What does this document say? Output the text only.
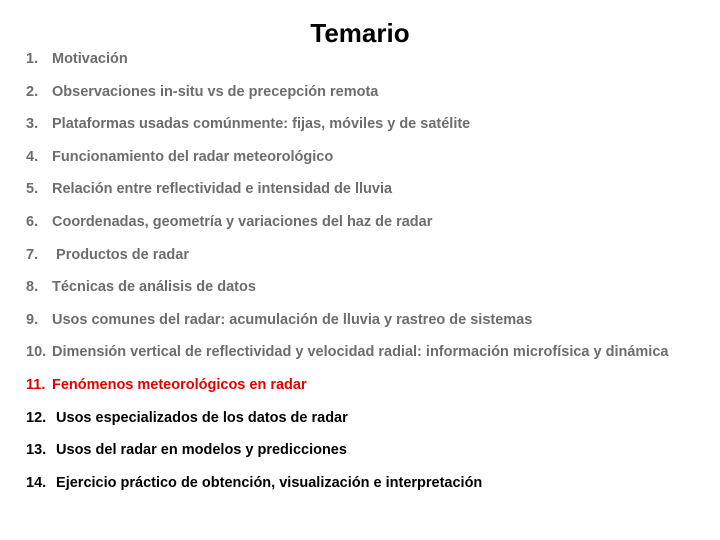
Temario
1. Motivación
2. Observaciones in-situ vs de precepción remota
3. Plataformas usadas comúnmente: fijas, móviles y de satélite
4. Funcionamiento del radar meteorológico
5. Relación entre reflectividad e intensidad de lluvia
6. Coordenadas, geometría y variaciones del haz de radar
7. Productos de radar
8. Técnicas de análisis de datos
9. Usos comunes del radar: acumulación de lluvia y rastreo de sistemas
10. Dimensión vertical de reflectividad y velocidad radial: información microfísica y dinámica
11. Fenómenos meteorológicos en radar
12. Usos especializados de los datos de radar
13. Usos del radar en modelos y predicciones
14. Ejercicio práctico de obtención, visualización e interpretación
